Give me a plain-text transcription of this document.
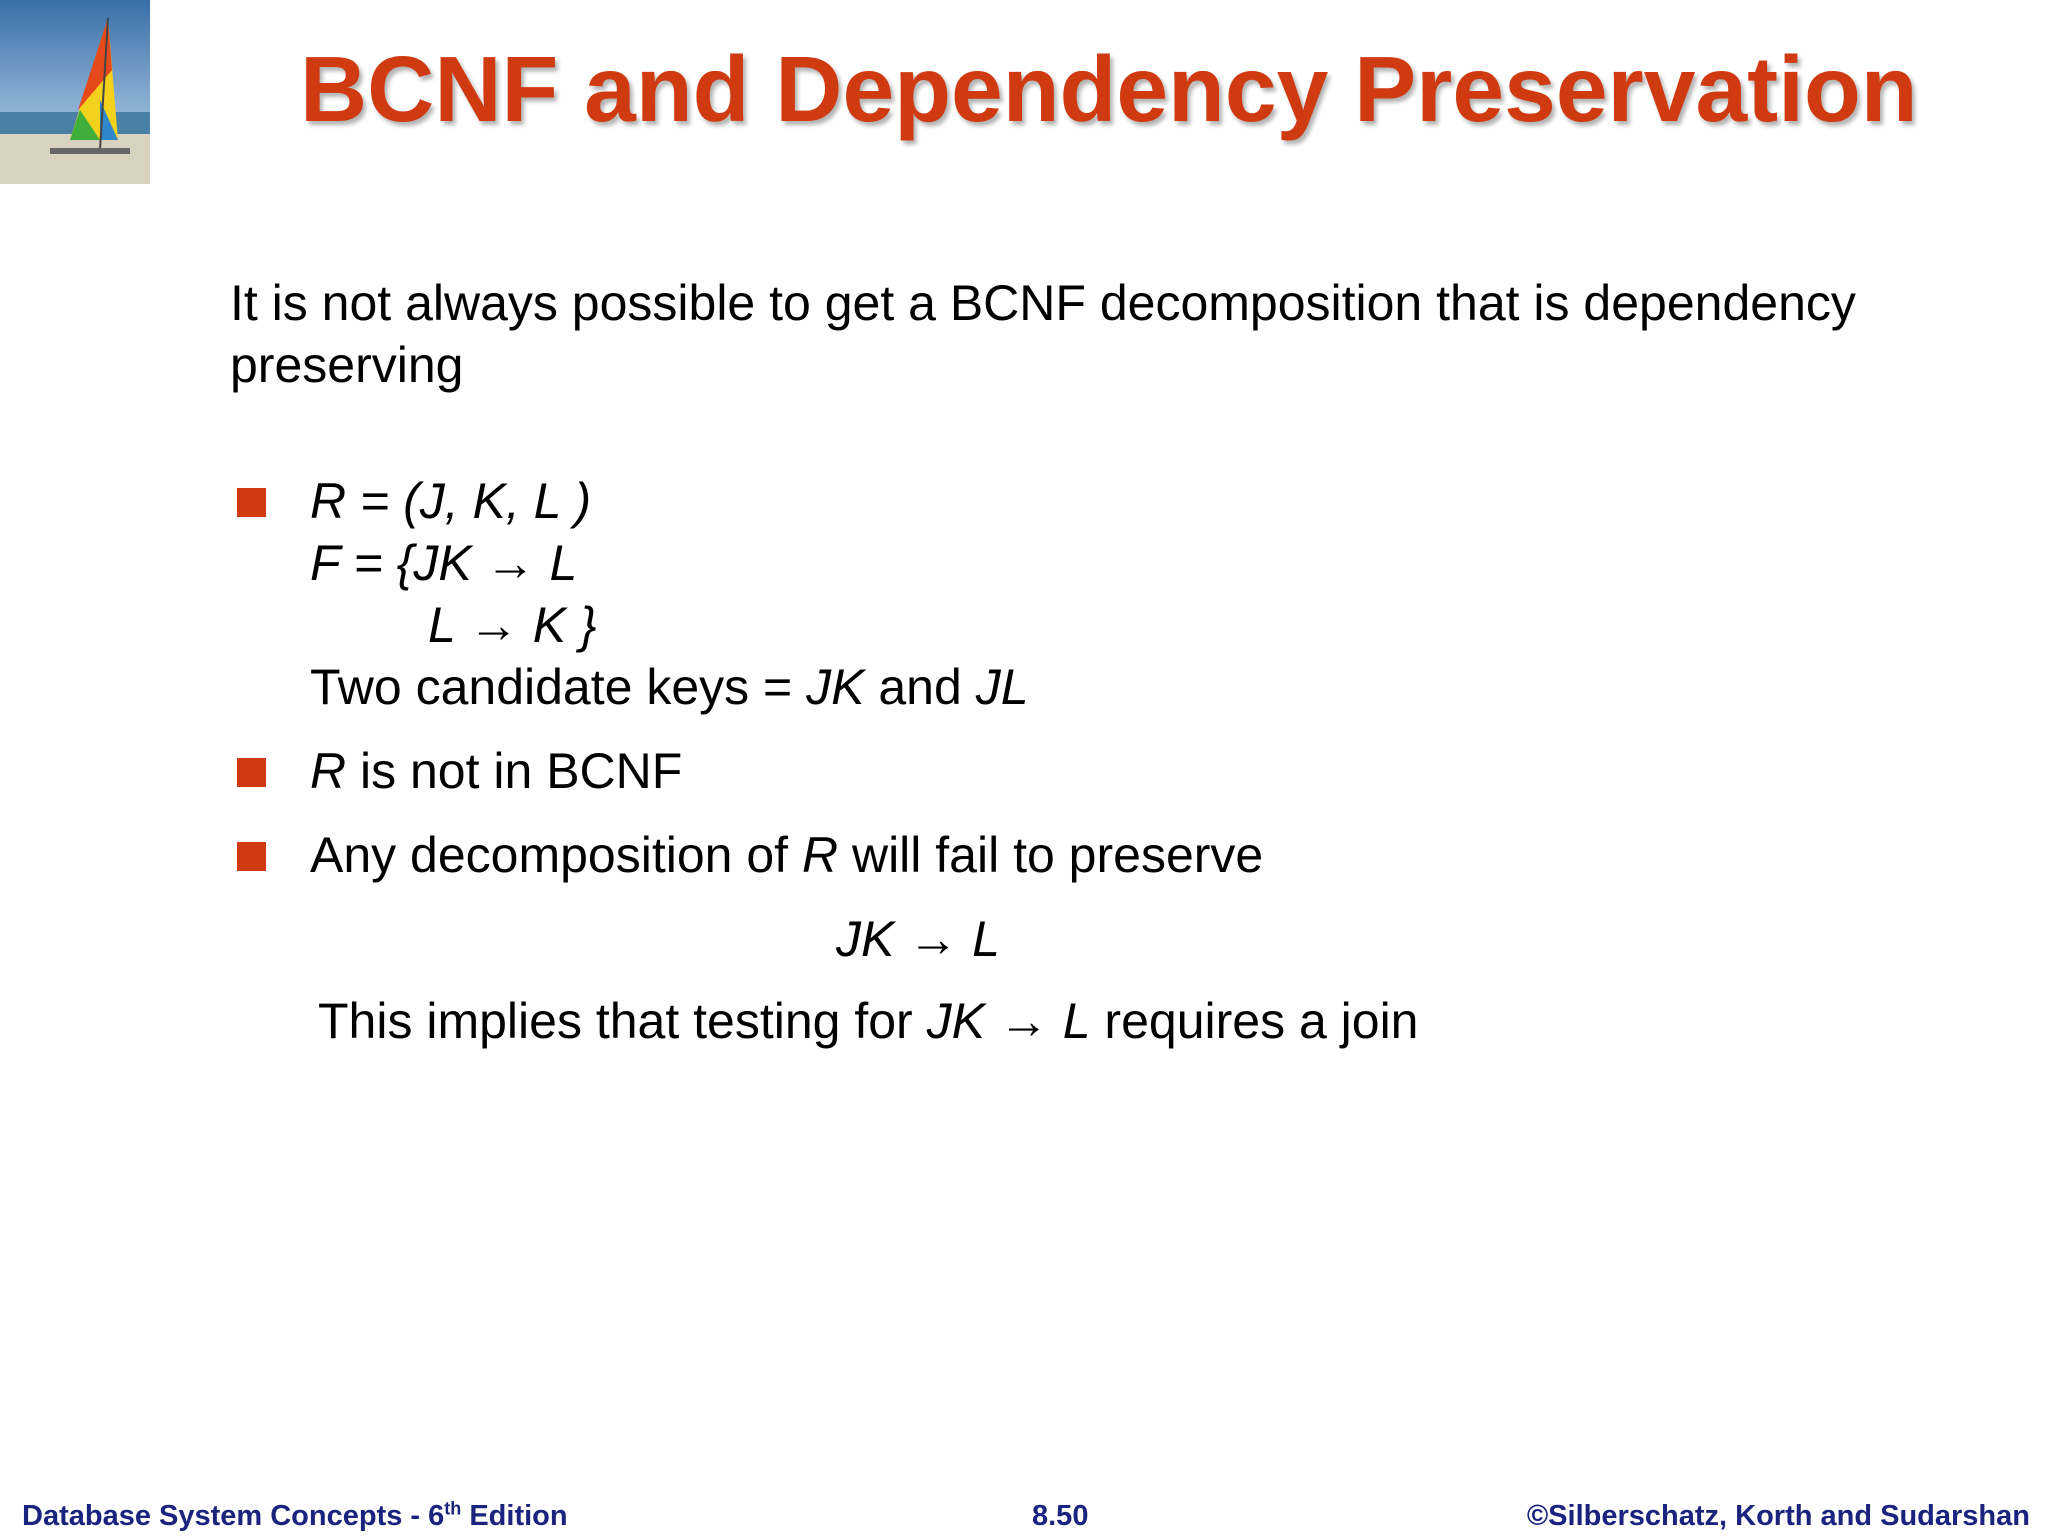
BCNF and Dependency Preservation

It is not always possible to get a BCNF decomposition that is dependency preserving

R = (J, K, L )
F = {JK → L
L → K }
Two candidate keys = JK and JL
R is not in BCNF
Any decomposition of R will fail to preserve
JK → L
This implies that testing for JK → L requires a join
Database System Concepts - 6th Edition	8.50	©Silberschatz, Korth and Sudarshan
